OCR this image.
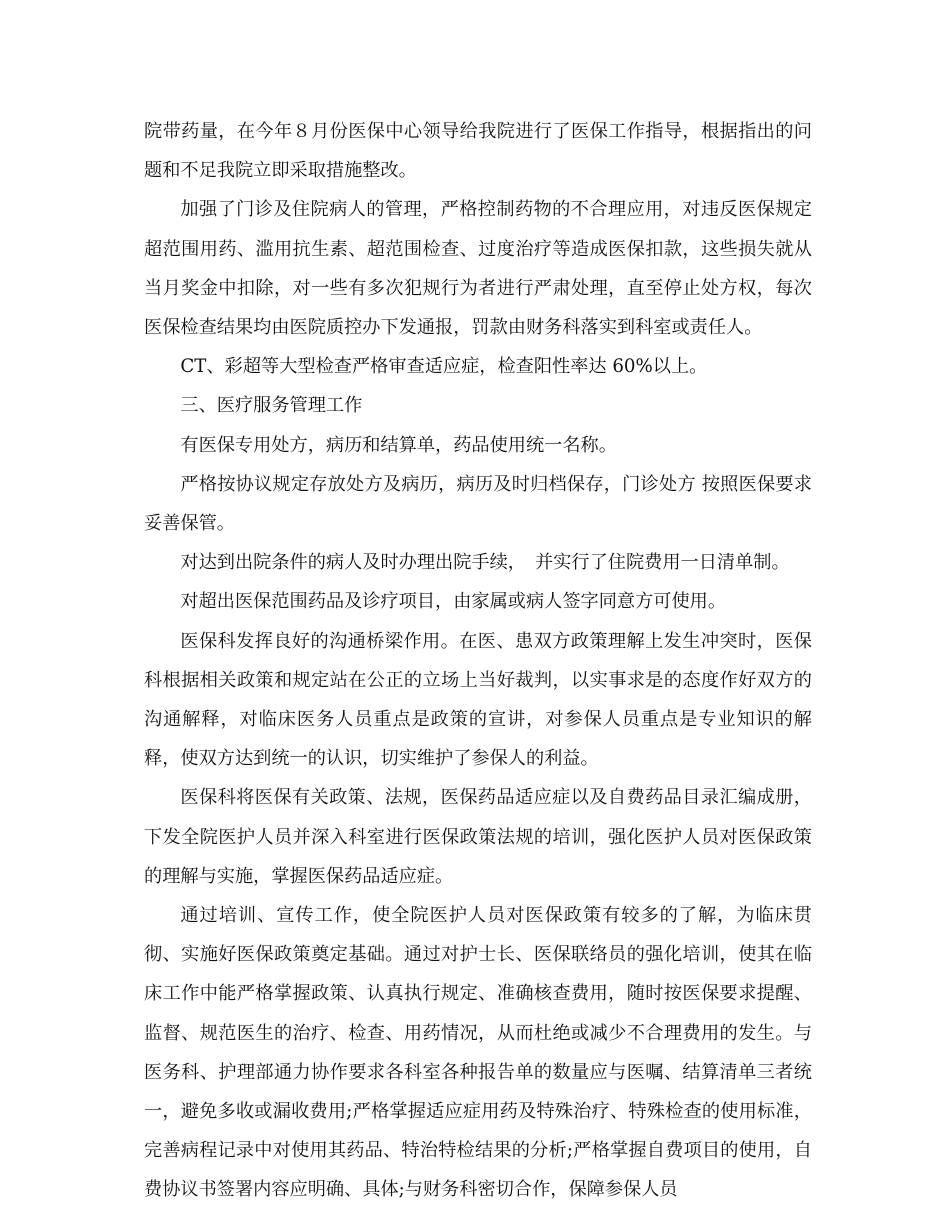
院带药量，在今年８月份医保中心领导给我院进行了医保工作指导，根据指出的问题和不足我院立即采取措施整改。

加强了门诊及住院病人的管理，严格控制药物的不合理应用，对违反医保规定超范围用药、滥用抗生素、超范围检查、过度治疗等造成医保扣款，这些损失就从当月奖金中扣除，对一些有多次犯规行为者进行严肃处理，直至停止处方权，每次医保检查结果均由医院质控办下发通报，罚款由财务科落实到科室或责任人。

CT、彩超等大型检查严格审查适应症，检查阳性率达 60%以上。

三、医疗服务管理工作

有医保专用处方，病历和结算单，药品使用统一名称。

严格按协议规定存放处方及病历，病历及时归档保存，门诊处方 按照医保要求妥善保管。

对达到出院条件的病人及时办理出院手续，　并实行了住院费用一日清单制。

对超出医保范围药品及诊疗项目，由家属或病人签字同意方可使用。

医保科发挥良好的沟通桥梁作用。在医、患双方政策理解上发生冲突时，医保科根据相关政策和规定站在公正的立场上当好裁判，以实事求是的态度作好双方的沟通解释，对临床医务人员重点是政策的宣讲，对参保人员重点是专业知识的解释，使双方达到统一的认识，切实维护了参保人的利益。

医保科将医保有关政策、法规，医保药品适应症以及自费药品目录汇编成册，下发全院医护人员并深入科室进行医保政策法规的培训，强化医护人员对医保政策的理解与实施，掌握医保药品适应症。

通过培训、宣传工作，使全院医护人员对医保政策有较多的了解，为临床贯彻、实施好医保政策奠定基础。通过对护士长、医保联络员的强化培训，使其在临床工作中能严格掌握政策、认真执行规定、准确核查费用，随时按医保要求提醒、监督、规范医生的治疗、检查、用药情况，从而杜绝或减少不合理费用的发生。与医务科、护理部通力协作要求各科室各种报告单的数量应与医嘱、结算清单三者统一，避免多收或漏收费用;严格掌握适应症用药及特殊治疗、特殊检查的使用标准，完善病程记录中对使用其药品、特治特检结果的分析;严格掌握自费项目的使用，自费协议书签署内容应明确、具体;与财务科密切合作，保障参保人员
